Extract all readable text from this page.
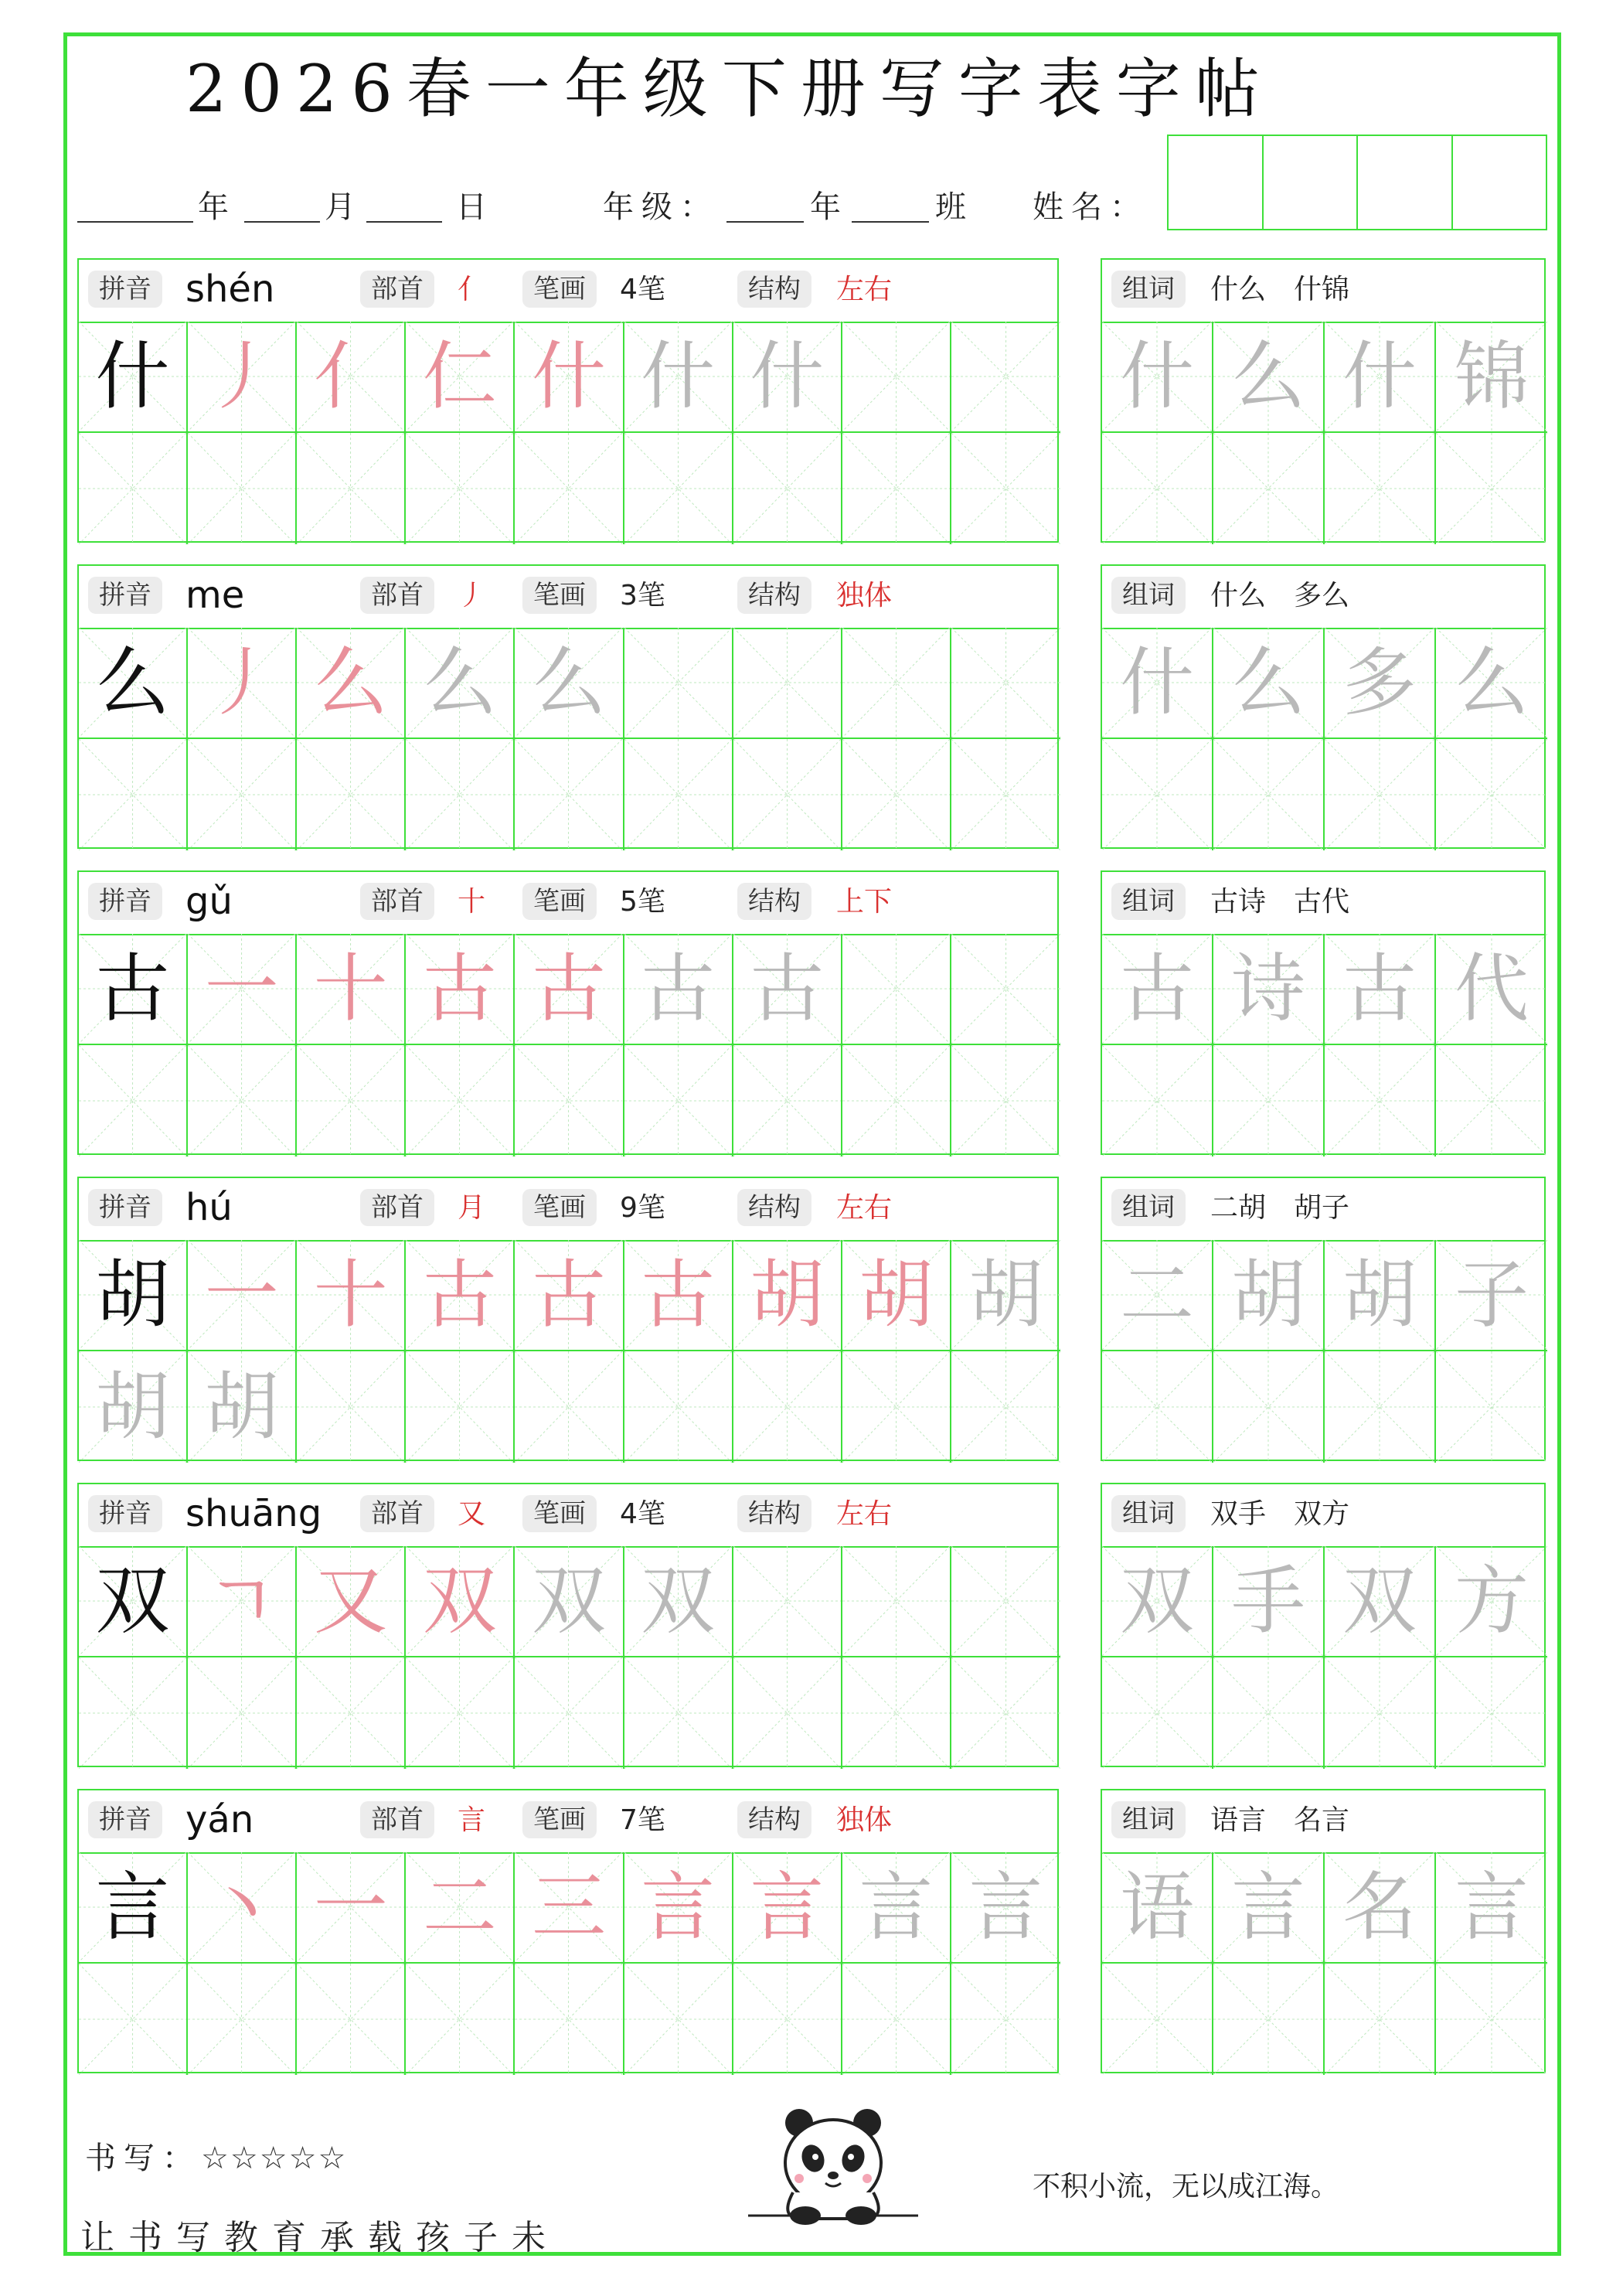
2026春一年级下册写字表字帖
年	月	日	年级：	年	班 姓名：
拼音 shén	部首	亻	笔画	4笔	结构	左右
什 丿 亻 仁 什 什 什
组词	什么　什锦
什 么 什 锦
拼音 me	部首	丿	笔画	3笔	结构	独体
么 丿 么 么 么
组词	什么　多么
什 么 多 么
拼音 gǔ	部首	十	笔画	5笔	结构	上下
古 一 十 古 古 古 古
组词	古诗　古代
古 诗 古 代
拼音 hú	部首	月	笔画	9笔	结构	左右
胡 一 十 古 古 古 胡 胡 胡
胡 胡
组词	二胡　胡子
二 胡 胡 子
拼音 shuāng	部首	又	笔画	4笔	结构	左右
双 ㄱ 又 双 双 双
组词	双手　双方
双 手 双 方
拼音 yán	部首	言	笔画	7笔	结构	独体
言 丶 一 二 三 言 言 言 言
组词	语言　名言
语 言 名 言
书写：☆☆☆☆☆
让书写教育承载孩子未
不积小流，无以成江海。
